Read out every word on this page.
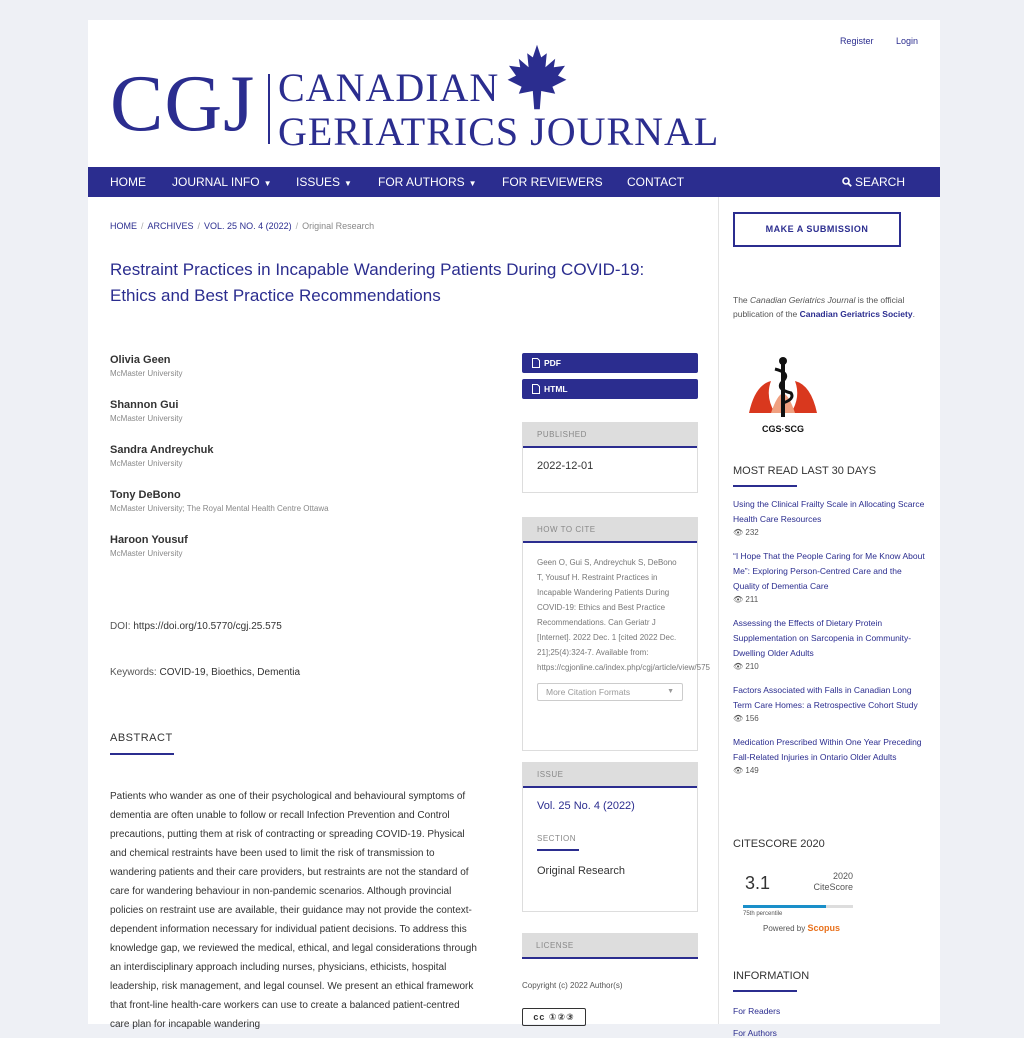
Register	Login
CGJ CANADIAN
GERIATRICS JOURNAL
HOME JOURNAL INFO ▼ ISSUES ▼ FOR AUTHORS ▼ FOR REVIEWERS CONTACT	SEARCH
HOME / ARCHIVES / VOL. 25 NO. 4 (2022) / Original Research
Restraint Practices in Incapable Wandering Patients During COVID-19: Ethics and Best Practice Recommendations
Olivia Geen
McMaster University
Shannon Gui
McMaster University
Sandra Andreychuk
McMaster University
Tony DeBono
McMaster University; The Royal Mental Health Centre Ottawa
Haroon Yousuf
McMaster University
DOI: https://doi.org/10.5770/cgj.25.575
Keywords: COVID-19, Bioethics, Dementia
ABSTRACT

Patients who wander as one of their psychological and behavioural symptoms of dementia are often unable to follow or recall Infection Prevention and Control precautions, putting them at risk of contracting or spreading COVID-19. Physical and chemical restraints have been used to limit the risk of transmission to wandering patients and their care providers, but restraints are not the standard of care for wandering behaviour in non-pandemic scenarios. Although provincial policies on restraint use are available, their guidance may not provide the context-dependent information necessary for individual patient decisions. To address this knowledge gap, we reviewed the medical, ethical, and legal considerations through an interdisciplinary approach including nurses, physicians, ethicists, hospital leadership, risk management, and legal counsel. We present an ethical framework that front-line health-care workers can use to create a balanced patient-centred care plan for incapable wandering

PDF
HTML
PUBLISHED
2022-12-01
HOW TO CITE
Geen O, Gui S, Andreychuk S, DeBono T, Yousuf H. Restraint Practices in Incapable Wandering Patients During COVID-19: Ethics and Best Practice Recommendations. Can Geriatr J [Internet]. 2022 Dec. 1 [cited 2022 Dec. 21];25(4):324-7. Available from: https://cgjonline.ca/index.php/cgj/article/view/575
More Citation Formats	▼
ISSUE
Vol. 25 No. 4 (2022)
SECTION
Original Research
LICENSE
Copyright (c) 2022 Author(s)
cc ①②③
MAKE A SUBMISSION
The Canadian Geriatrics Journal is the official publication of the Canadian Geriatrics Society.
CGS·SCG
MOST READ LAST 30 DAYS
Using the Clinical Frailty Scale in Allocating Scarce Health Care Resources
👁 232
“I Hope That the People Caring for Me Know About Me”: Exploring Person-Centred Care and the Quality of Dementia Care
👁 211
Assessing the Effects of Dietary Protein Supplementation on Sarcopenia in Community-Dwelling Older Adults
👁 210
Factors Associated with Falls in Canadian Long Term Care Homes: a Retrospective Cohort Study
👁 156
Medication Prescribed Within One Year Preceding Fall-Related Injuries in Ontario Older Adults
👁 149
CITESCORE 2020
3.1	2020
CiteScore
75th percentile
Powered by Scopus
INFORMATION
For Readers
For Authors
